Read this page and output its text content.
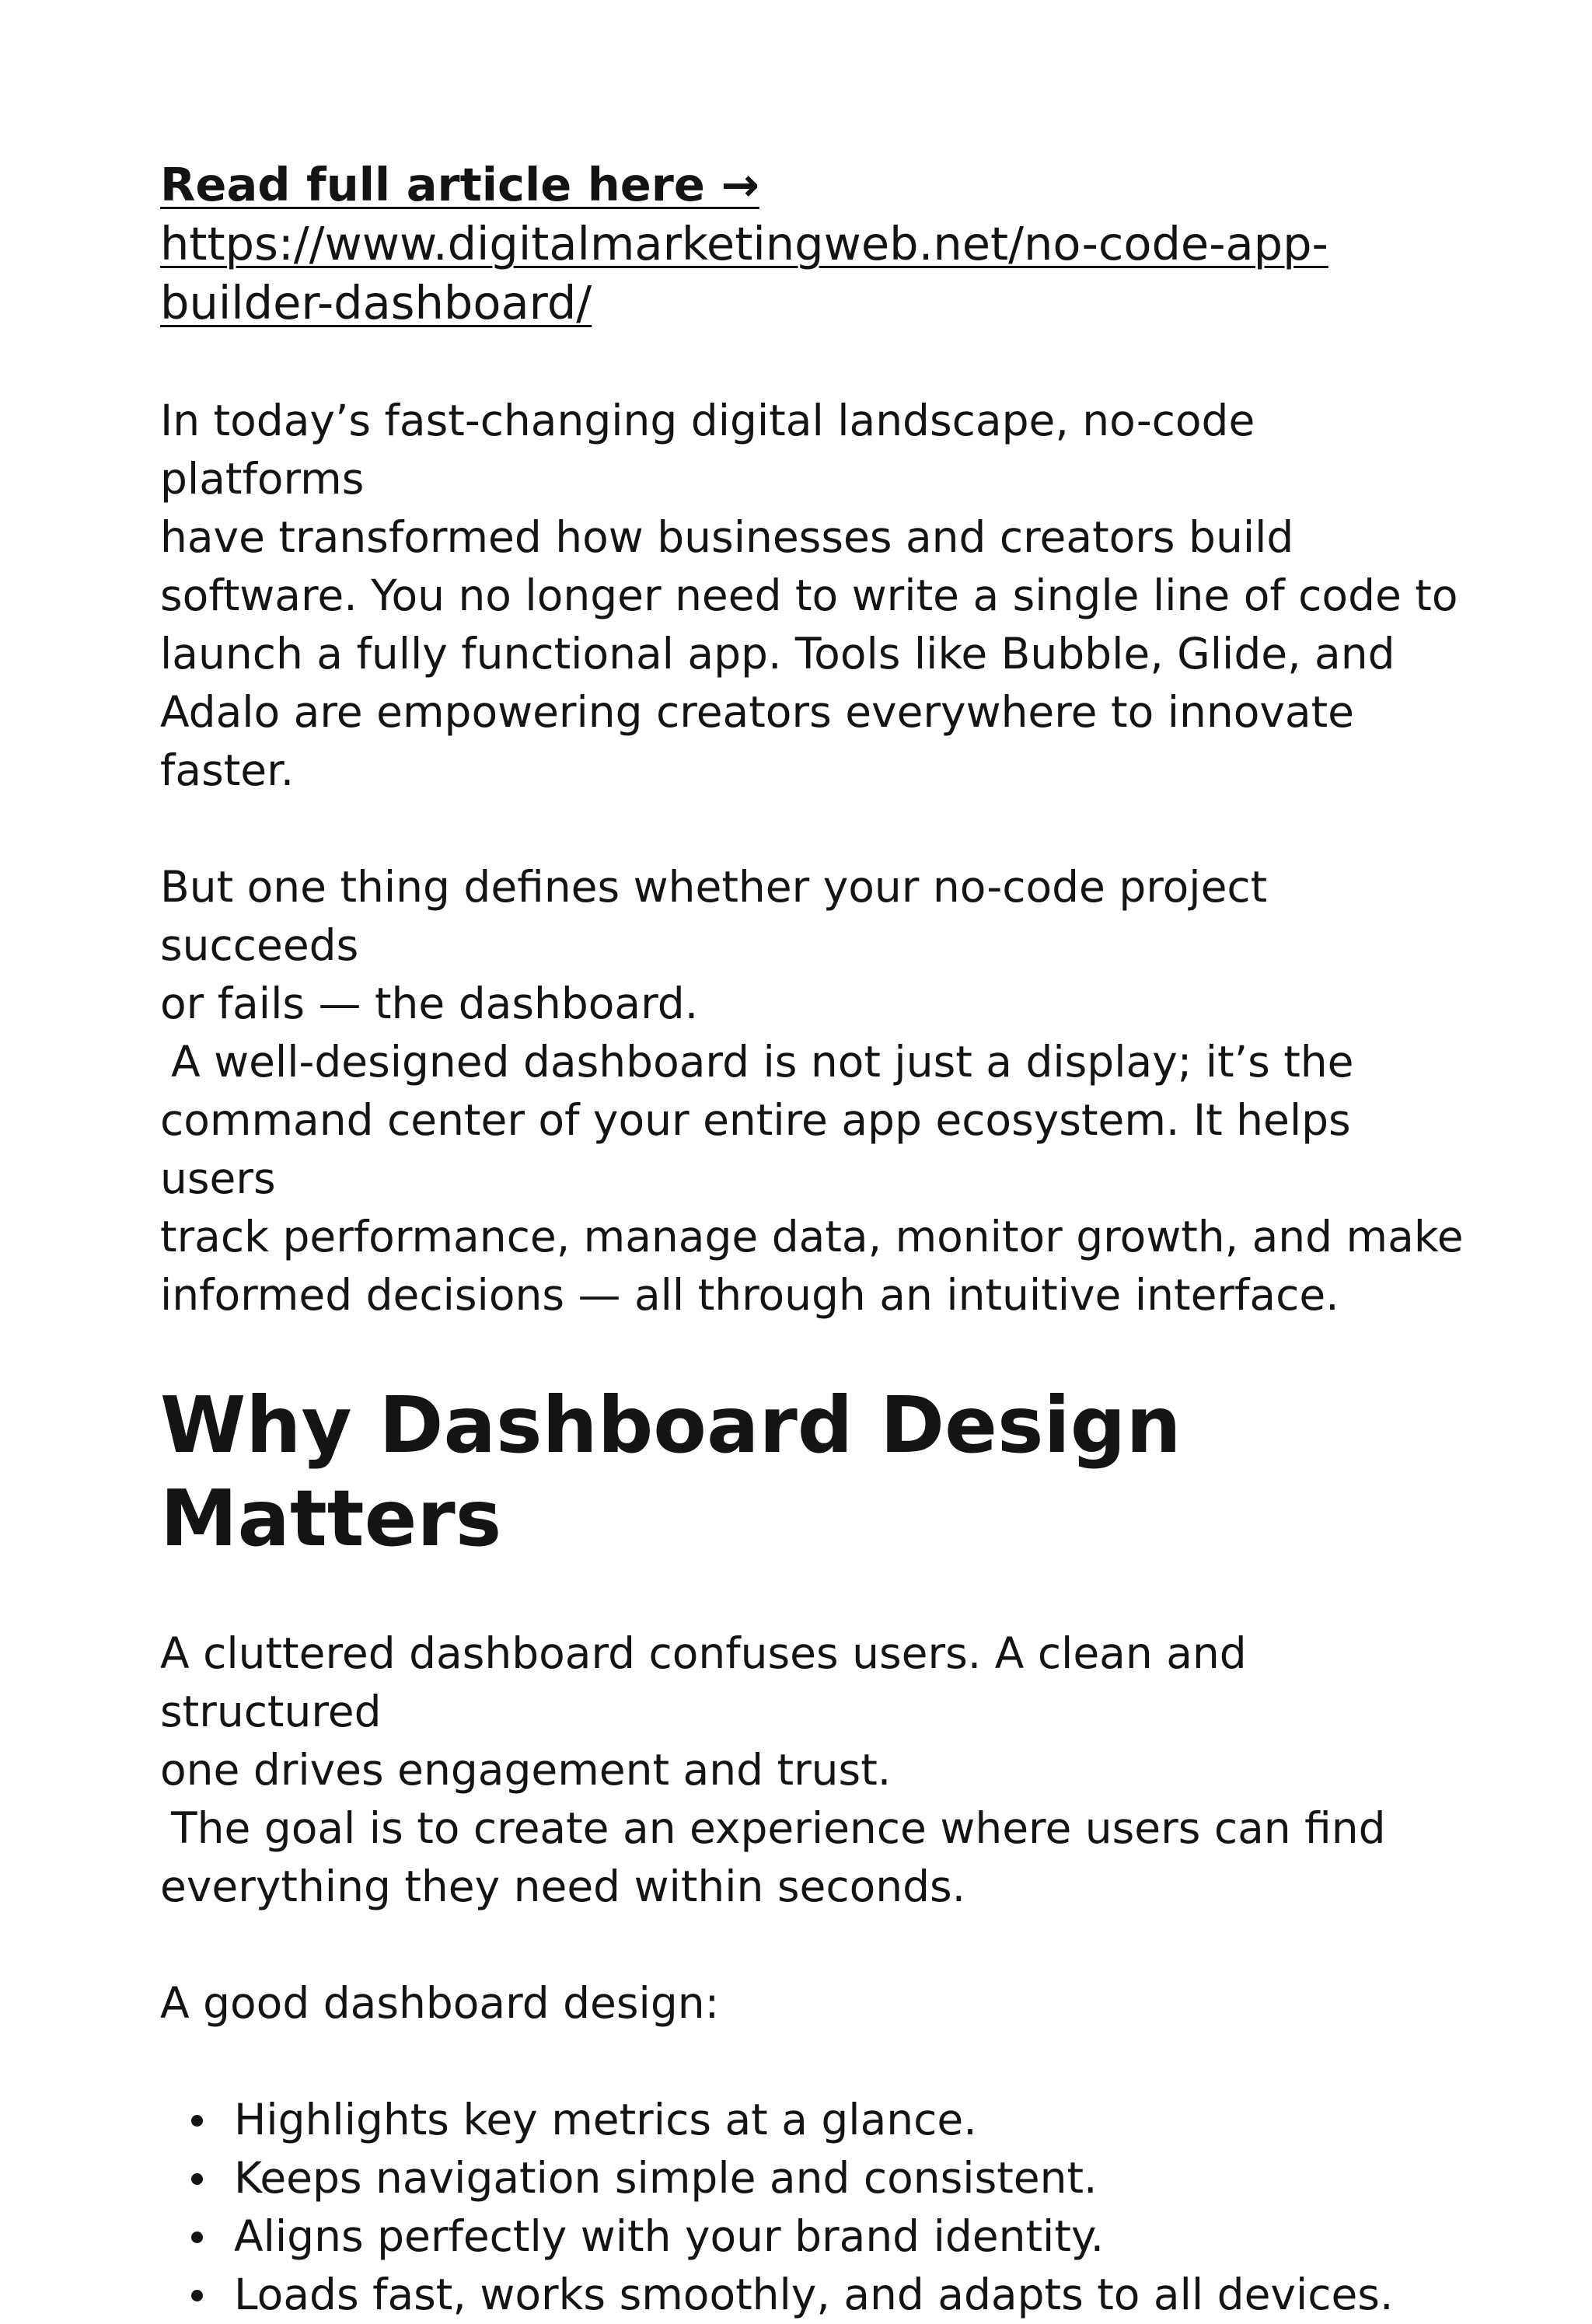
Read full article here →
https://www.digitalmarketingweb.net/no-code-app-builder-dashboard/

In today’s fast-changing digital landscape, no-code platforms
have transformed how businesses and creators build
software. You no longer need to write a single line of code to
launch a fully functional app. Tools like Bubble, Glide, and
Adalo are empowering creators everywhere to innovate
faster.

But one thing defines whether your no-code project succeeds
or fails — the dashboard.
A well-designed dashboard is not just a display; it’s the
command center of your entire app ecosystem. It helps users
track performance, manage data, monitor growth, and make
informed decisions — all through an intuitive interface.

Why Dashboard Design Matters

A cluttered dashboard confuses users. A clean and structured
one drives engagement and trust.
The goal is to create an experience where users can find
everything they need within seconds.

A good dashboard design:

Highlights key metrics at a glance.
Keeps navigation simple and consistent.
Aligns perfectly with your brand identity.
Loads fast, works smoothly, and adapts to all devices.
